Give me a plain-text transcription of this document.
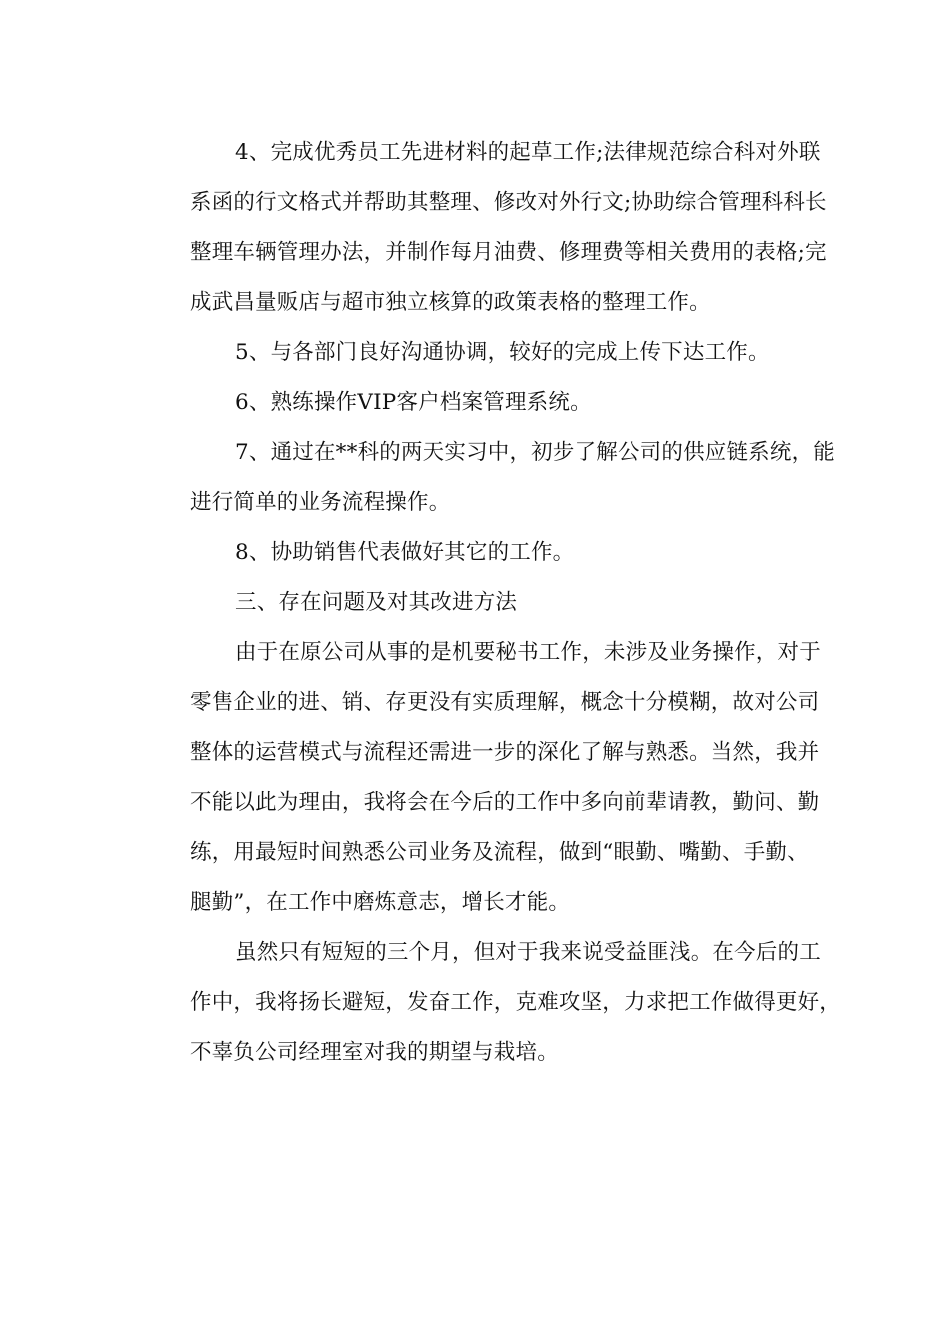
4、完成优秀员工先进材料的起草工作;法律规范综合科对外联
系函的行文格式并帮助其整理、修改对外行文;协助综合管理科科长
整理车辆管理办法，并制作每月油费、修理费等相关费用的表格;完
成武昌量贩店与超市独立核算的政策表格的整理工作。
5、与各部门良好沟通协调，较好的完成上传下达工作。
6、熟练操作VIP客户档案管理系统。
7、通过在**科的两天实习中，初步了解公司的供应链系统，能
进行简单的业务流程操作。
8、协助销售代表做好其它的工作。
三、存在问题及对其改进方法
由于在原公司从事的是机要秘书工作，未涉及业务操作，对于
零售企业的进、销、存更没有实质理解，概念十分模糊，故对公司
整体的运营模式与流程还需进一步的深化了解与熟悉。当然，我并
不能以此为理由，我将会在今后的工作中多向前辈请教，勤问、勤
练，用最短时间熟悉公司业务及流程，做到“眼勤、嘴勤、手勤、
腿勤”，在工作中磨炼意志，增长才能。
虽然只有短短的三个月，但对于我来说受益匪浅。在今后的工
作中，我将扬长避短，发奋工作，克难攻坚，力求把工作做得更好，
不辜负公司经理室对我的期望与栽培。
